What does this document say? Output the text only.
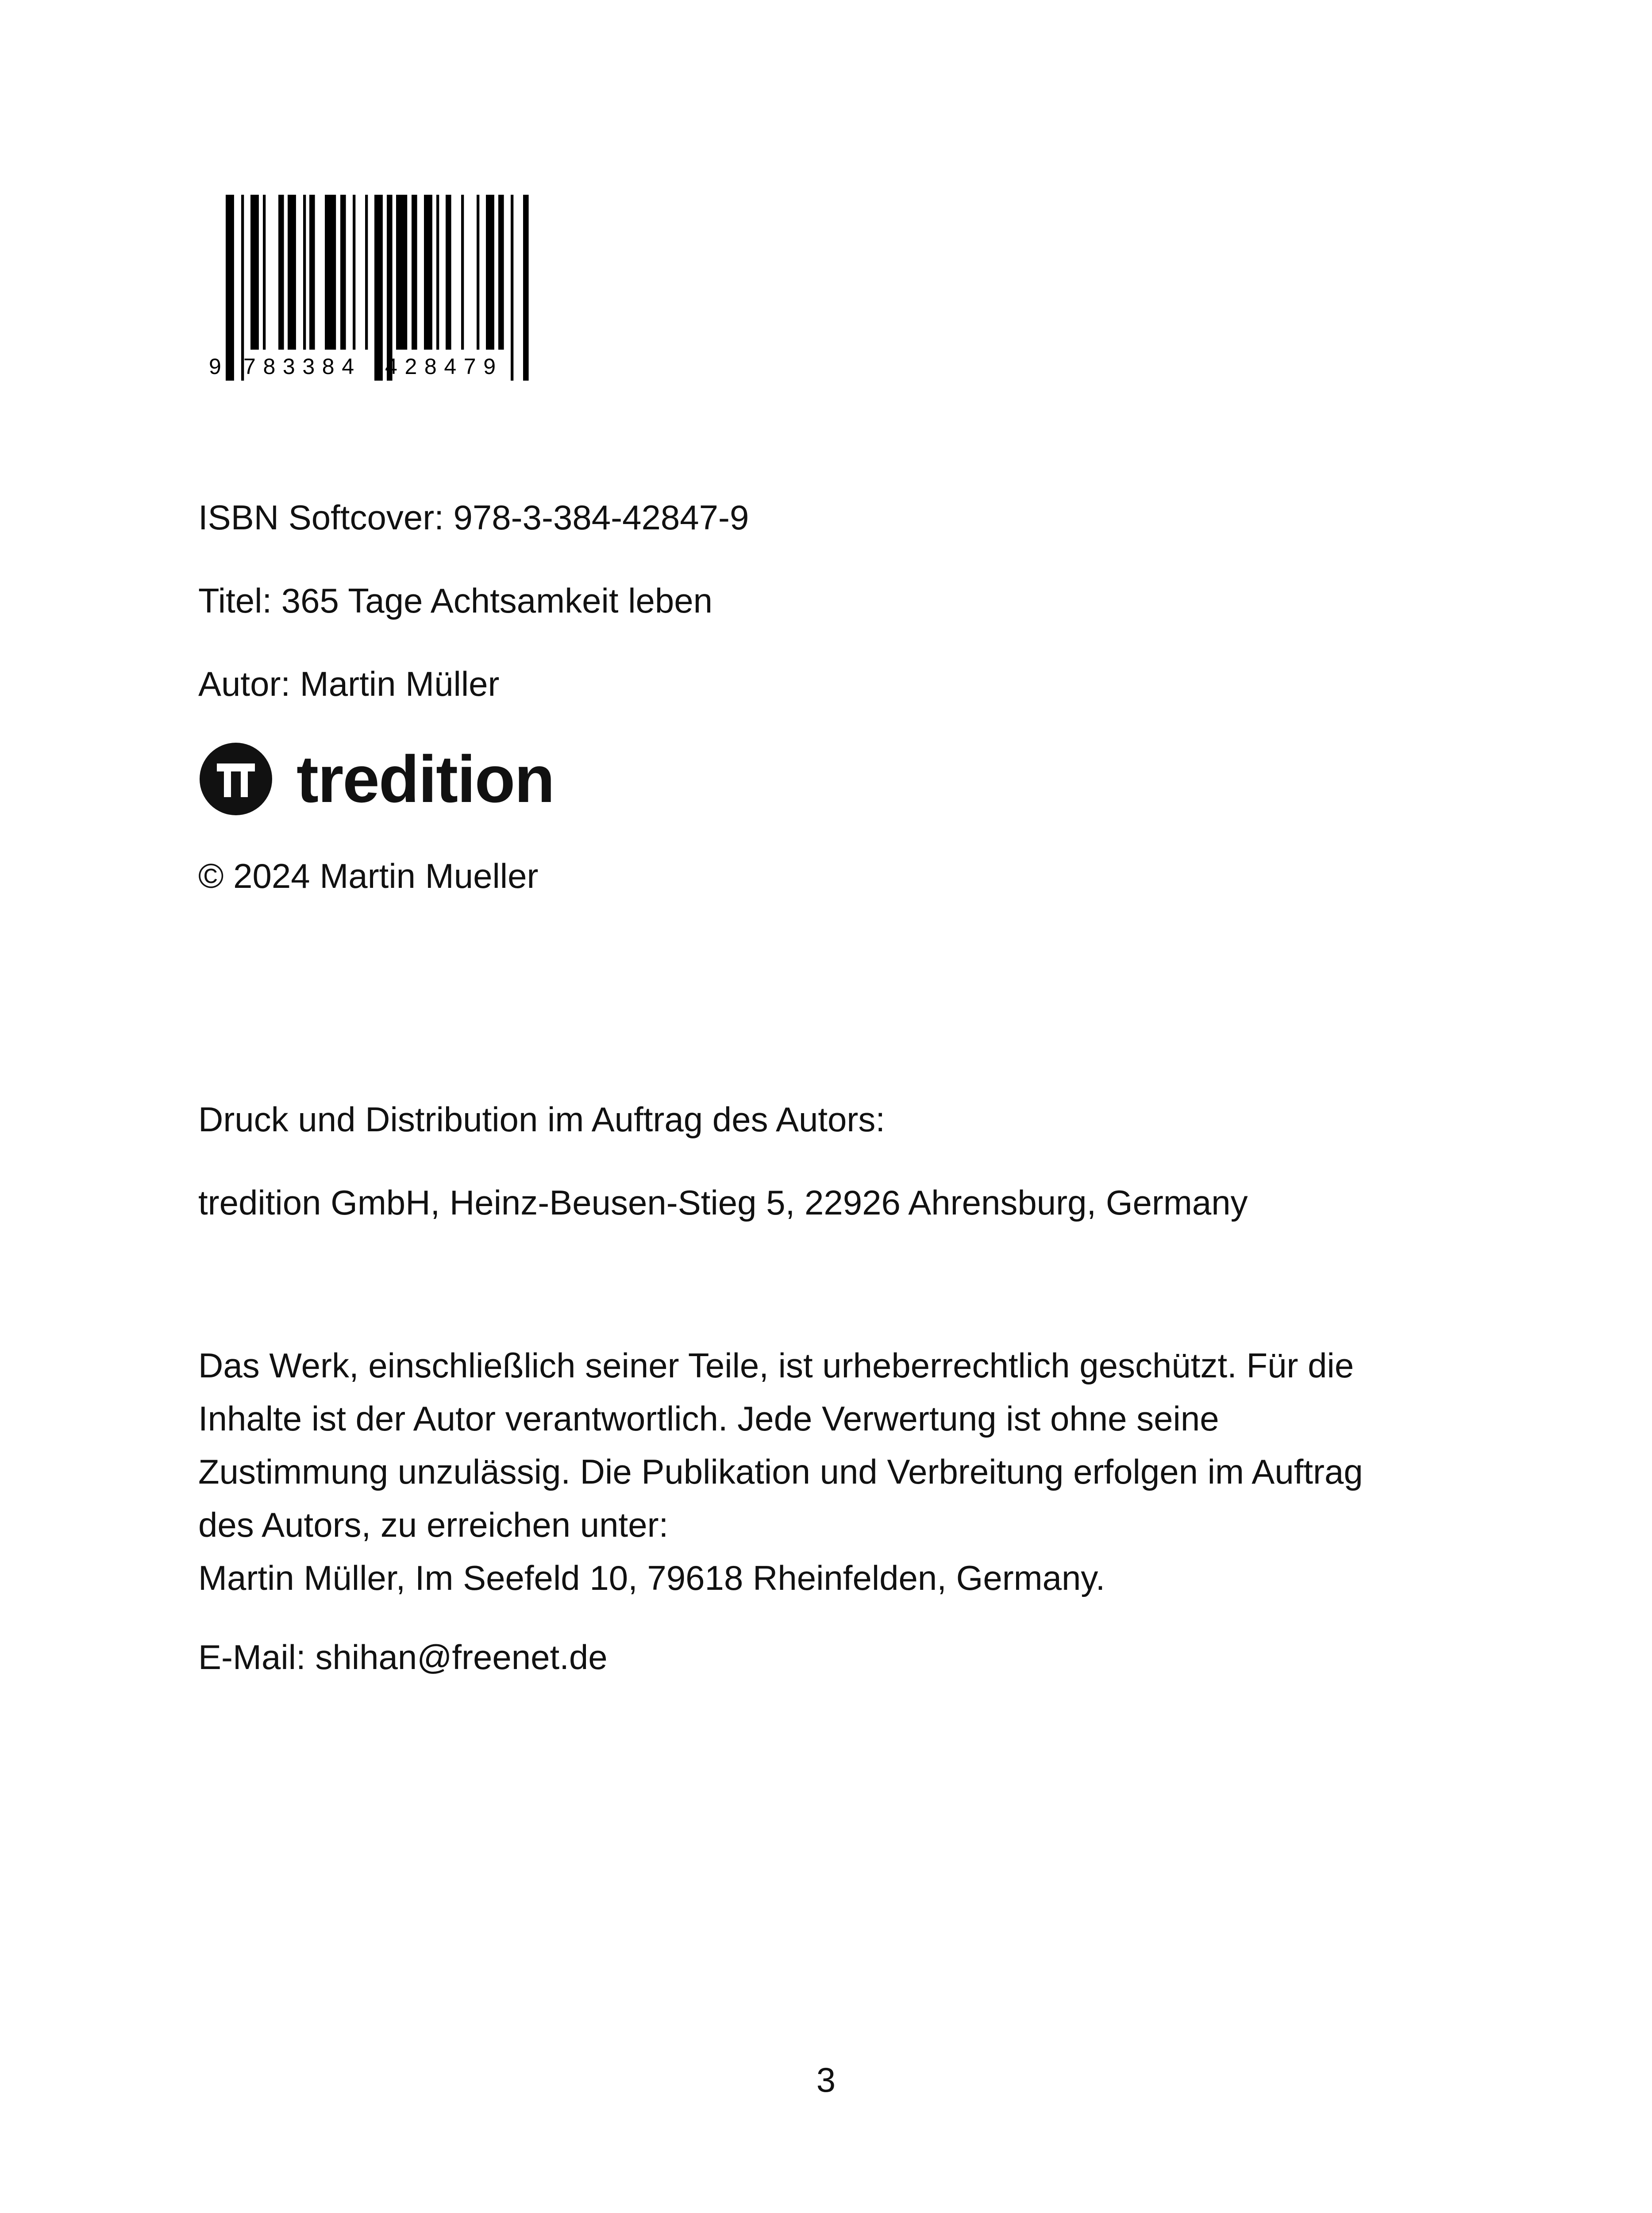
9 783384 428479
ISBN Softcover: 978-3-384-42847-9
Titel: 365 Tage Achtsamkeit leben
Autor: Martin Müller
tredition
© 2024 Martin Mueller
Druck und Distribution im Auftrag des Autors:
tredition GmbH, Heinz-Beusen-Stieg 5, 22926 Ahrensburg, Germany
Das Werk, einschließlich seiner Teile, ist urheberrechtlich geschützt. Für die
Inhalte ist der Autor verantwortlich. Jede Verwertung ist ohne seine
Zustimmung unzulässig. Die Publikation und Verbreitung erfolgen im Auftrag
des Autors, zu erreichen unter:
Martin Müller, Im Seefeld 10, 79618 Rheinfelden, Germany.
E-Mail: shihan@freenet.de
3
